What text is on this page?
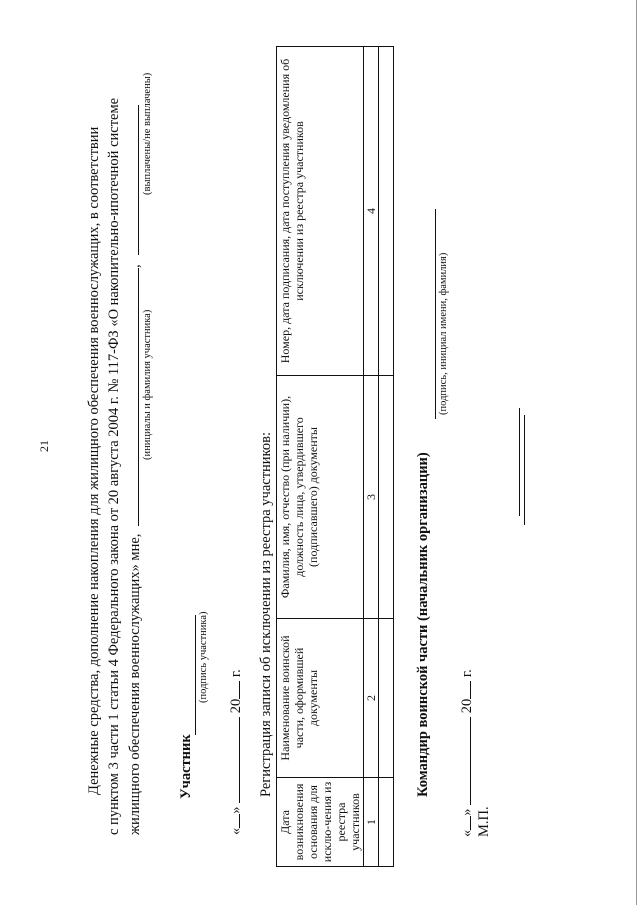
21 Денежные средства, дополнение накопления для жилищного обеспечения военнослужащих, в соответствии с пунктом 3 части 1 статьи 4 Федерального закона от 20 августа 2004 г. № 117-ФЗ «О накопительно-ипотечной системе жилищного обеспечения военнослужащих» мне, ,
(инициалы и фамилия участника)
(выплачены/не выплачены)
Участник
(подпись участника)
«»  20 г. Регистрация записи об исключении из реестра участников:
Дата возникновения основания для исклю-чения из реестра участников	Наименование воинской части, оформившей документы	Фамилия, имя, отчество (при наличии), должность лица, утвердившего (подписавшего) документы	Номер, дата подписания, дата поступления уведомления об исключении из реестра участников
1	2	3	4

Командир воинской части (начальник организации)
(подпись, инициал имени, фамилия)
«»  20 г.
М.П.
